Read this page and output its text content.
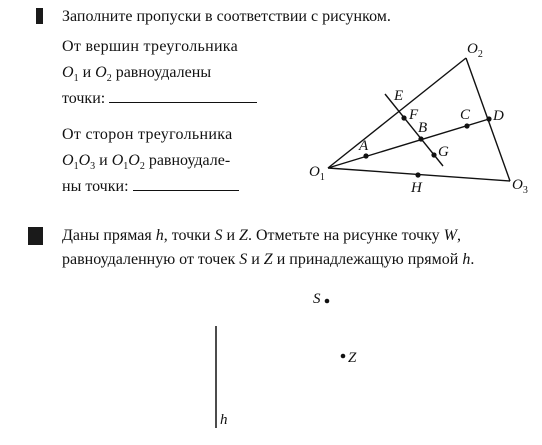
Заполните пропуски в соответствии с рисунком.
От вершин треугольника
$O_1$ и $O_2$ равноудалены
точки:
От сторон треугольника
$O_1O_3$ и $O_1O_2$ равноудале-
ны точки:
$O_2$
$O_1$	$O_3$
E
F
B
C D
A	G
H
h
S
Z
Даны прямая h, точки S и Z. Отметьте на рисунке точку W,
равноудаленную от точек S и Z и принадлежащую прямой h.
